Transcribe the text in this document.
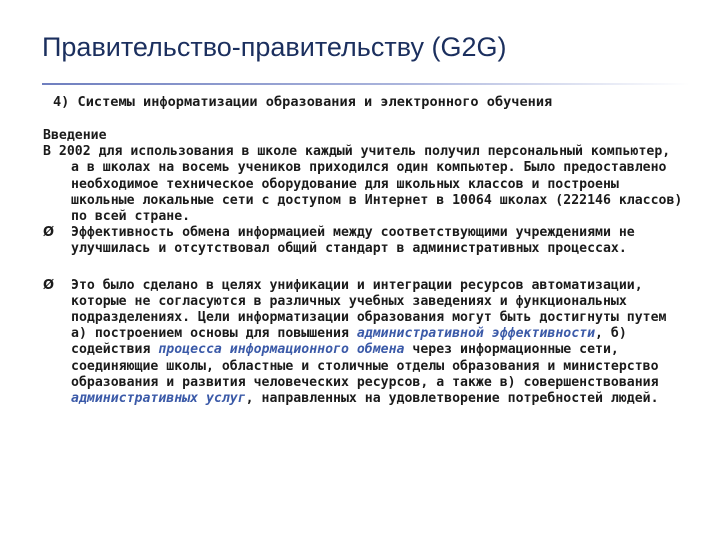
Правительство-правительству (G2G)
4) Системы информатизации образования и электронного обучения

Введение

В 2002 для использования в школе каждый учитель получил персональный компьютер, а в школах на восемь учеников приходился один компьютер. Было предоставлено необходимое техническое оборудование для школьных классов и построены школьные локальные сети с доступом в Интернет в 10064 школах (222146 классов) по всей стране.

Ø	Эффективность обмена информацией между соответствующими учреждениями не улучшилась и отсутствовал общий стандарт в административных процессах.
Ø	Это было сделано в целях унификации и интеграции ресурсов автоматизации, которые не согласуются в различных учебных заведениях и функциональных подразделениях. Цели информатизации образования могут быть достигнуты путем а) построением основы для повышения административной эффективности, б) содействия процесса информационного обмена через информационные сети, соединяющие школы, областные и столичные отделы образования и министерство образования и развития человеческих ресурсов, а также в) совершенствования административных услуг, направленных на удовлетворение потребностей людей.
